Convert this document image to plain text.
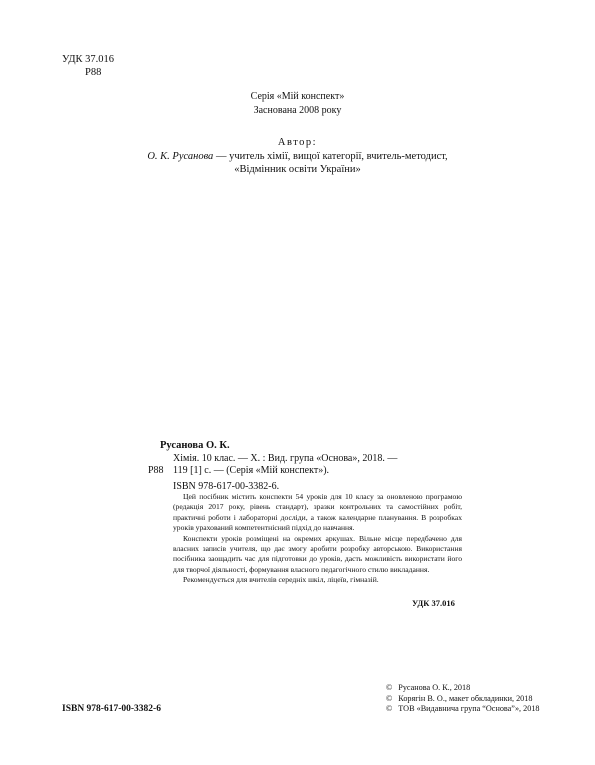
УДК 37.016
Р88
Серія «Мій конспект»
Заснована 2008 року
Автор:
О. К. Русанова — учитель хімії, вищої категорії, вчитель-методист,
«Відмінник освіти України»
Р88
Русанова О. К.
Хімія. 10 клас. — Х. : Вид. група «Основа», 2018. —
119 [1] с. — (Серія «Мій конспект»).
ISBN 978-617-00-3382-6.

Цей посібник містить конспекти 54 уроків для 10 класу за оновленою програмою (редакція 2017 року, рівень стандарт), зразки контрольних та самостійних робіт, практичні роботи і лабораторні досліди, а також календарне планування. В розробках уроків урахований компетентнісний підхід до навчання.

Конспекти уроків розміщені на окремих аркушах. Вільне місце передбачено для власних записів учителя, що дає змогу аробити розробку авторською. Використання посібника заощадить час для підготовки до уроків, дасть можливість використати його для творчої діяльності, формування власного педагогічного стилю викладання.

Рекомендується для вчителів середніх шкіл, ліцеїв, гімназій.

УДК 37.016
ISBN 978-617-00-3382-6
© Русанова О. К., 2018
© Корягін В. О., макет обкладинки, 2018
© ТОВ «Видавнича група “Основа”», 2018
